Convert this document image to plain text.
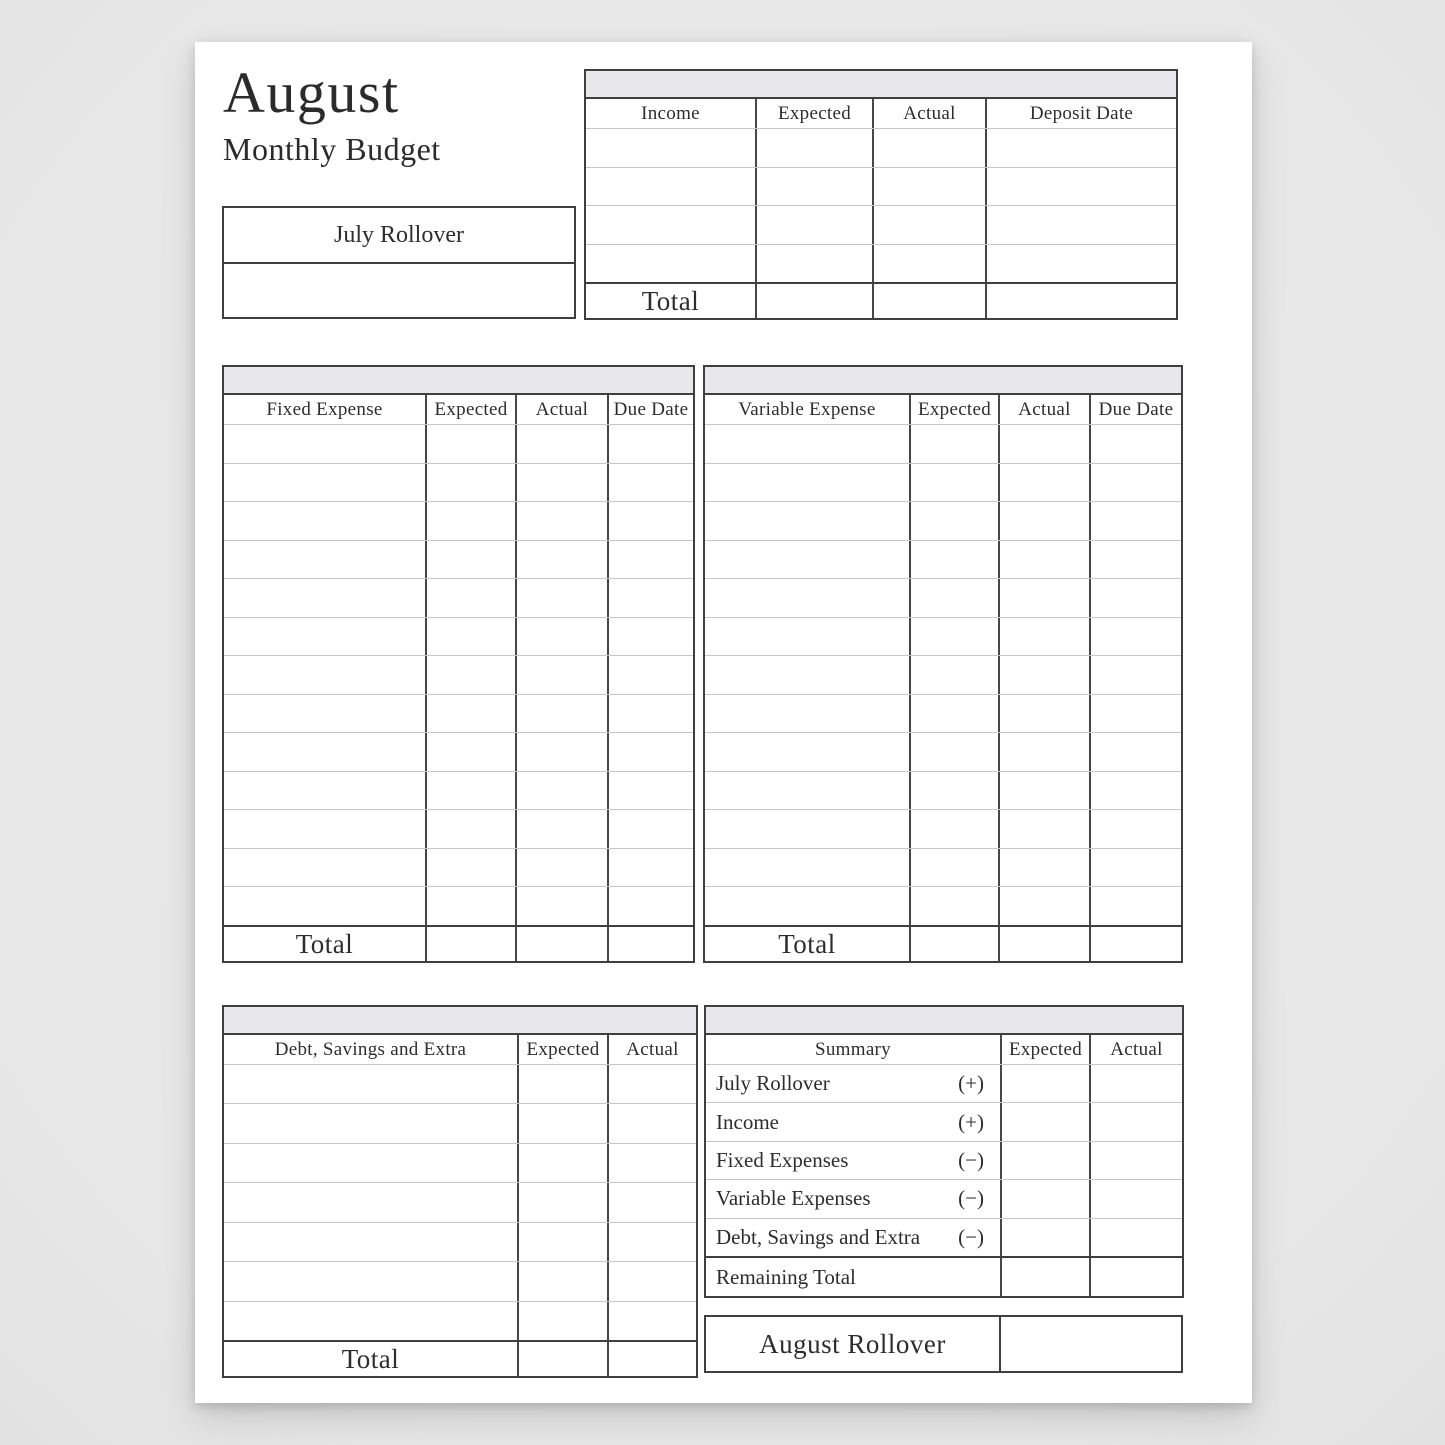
August
Monthly Budget
July Rollover
Income	Expected	Actual	Deposit Date
Total
Fixed Expense	Expected	Actual	Due Date
Total
Variable Expense	Expected	Actual	Due Date
Total
Debt, Savings and Extra	Expected	Actual
Total
Summary	Expected	Actual
July Rollover	(+)
Income	(+)
Fixed Expenses	(−)
Variable Expenses	(−)
Debt, Savings and Extra (−)
Remaining Total
August Rollover
